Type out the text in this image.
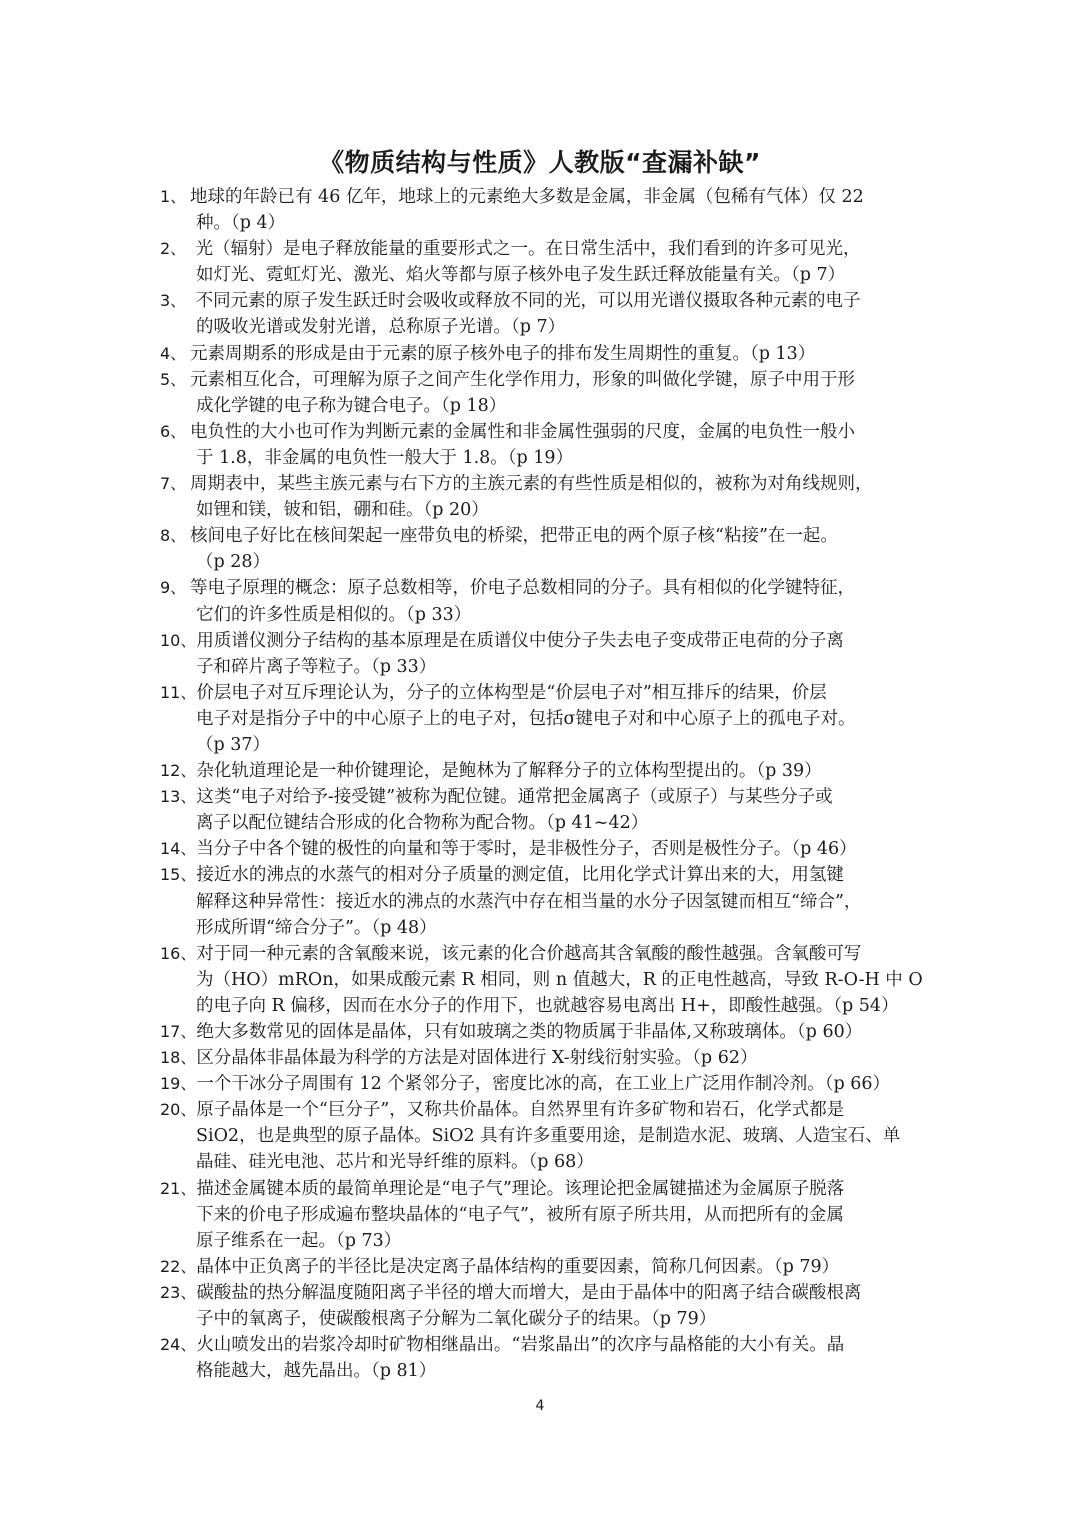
《物质结构与性质》人教版“查漏补缺”
1、 地球的年龄已有 46 亿年，地球上的元素绝大多数是金属，非金属（包稀有气体）仅 22
种。（p 4）
2、 光（辐射）是电子释放能量的重要形式之一。在日常生活中，我们看到的许多可见光，
如灯光、霓虹灯光、激光、焰火等都与原子核外电子发生跃迁释放能量有关。（p 7）
3、 不同元素的原子发生跃迁时会吸收或释放不同的光，可以用光谱仪摄取各种元素的电子
的吸收光谱或发射光谱，总称原子光谱。（p 7）
4、 元素周期系的形成是由于元素的原子核外电子的排布发生周期性的重复。（p 13）
5、 元素相互化合，可理解为原子之间产生化学作用力，形象的叫做化学键，原子中用于形
成化学键的电子称为键合电子。（p 18）
6、 电负性的大小也可作为判断元素的金属性和非金属性强弱的尺度，金属的电负性一般小
于 1.8，非金属的电负性一般大于 1.8。（p 19）
7、 周期表中，某些主族元素与右下方的主族元素的有些性质是相似的，被称为对角线规则，
如锂和镁，铍和铝，硼和硅。（p 20）
8、 核间电子好比在核间架起一座带负电的桥梁，把带正电的两个原子核“粘接”在一起。
（p 28）
9、 等电子原理的概念：原子总数相等，价电子总数相同的分子。具有相似的化学键特征，
它们的许多性质是相似的。（p 33）
10、用质谱仪测分子结构的基本原理是在质谱仪中使分子失去电子变成带正电荷的分子离
子和碎片离子等粒子。（p 33）
11、价层电子对互斥理论认为，分子的立体构型是“价层电子对”相互排斥的结果，价层
电子对是指分子中的中心原子上的电子对，包括σ键电子对和中心原子上的孤电子对。
（p 37）
12、杂化轨道理论是一种价键理论，是鲍林为了解释分子的立体构型提出的。（p 39）
13、这类“电子对给予-接受键”被称为配位键。通常把金属离子（或原子）与某些分子或
离子以配位键结合形成的化合物称为配合物。（p 41~42）
14、当分子中各个键的极性的向量和等于零时，是非极性分子，否则是极性分子。（p 46）
15、接近水的沸点的水蒸气的相对分子质量的测定值，比用化学式计算出来的大，用氢键
解释这种异常性：接近水的沸点的水蒸汽中存在相当量的水分子因氢键而相互“缔合”，
形成所谓“缔合分子”。（p 48）
16、对于同一种元素的含氧酸来说，该元素的化合价越高其含氧酸的酸性越强。含氧酸可写
为（HO）mROn，如果成酸元素 R 相同，则 n 值越大，R 的正电性越高，导致 R-O-H 中 O
的电子向 R 偏移，因而在水分子的作用下，也就越容易电离出 H+，即酸性越强。（p 54）
17、绝大多数常见的固体是晶体，只有如玻璃之类的物质属于非晶体,又称玻璃体。（p 60）
18、区分晶体非晶体最为科学的方法是对固体进行 X-射线衍射实验。（p 62）
19、一个干冰分子周围有 12 个紧邻分子，密度比冰的高，在工业上广泛用作制冷剂。（p 66）
20、原子晶体是一个“巨分子”，又称共价晶体。自然界里有许多矿物和岩石，化学式都是
SiO2，也是典型的原子晶体。SiO2 具有许多重要用途，是制造水泥、玻璃、人造宝石、单
晶硅、硅光电池、芯片和光导纤维的原料。（p 68）
21、描述金属键本质的最简单理论是“电子气”理论。该理论把金属键描述为金属原子脱落
下来的价电子形成遍布整块晶体的“电子气”，被所有原子所共用，从而把所有的金属
原子维系在一起。（p 73）
22、晶体中正负离子的半径比是决定离子晶体结构的重要因素，简称几何因素。（p 79）
23、碳酸盐的热分解温度随阳离子半径的增大而增大，是由于晶体中的阳离子结合碳酸根离
子中的氧离子，使碳酸根离子分解为二氧化碳分子的结果。（p 79）
24、火山喷发出的岩浆冷却时矿物相继晶出。“岩浆晶出”的次序与晶格能的大小有关。晶
格能越大，越先晶出。（p 81）
4
